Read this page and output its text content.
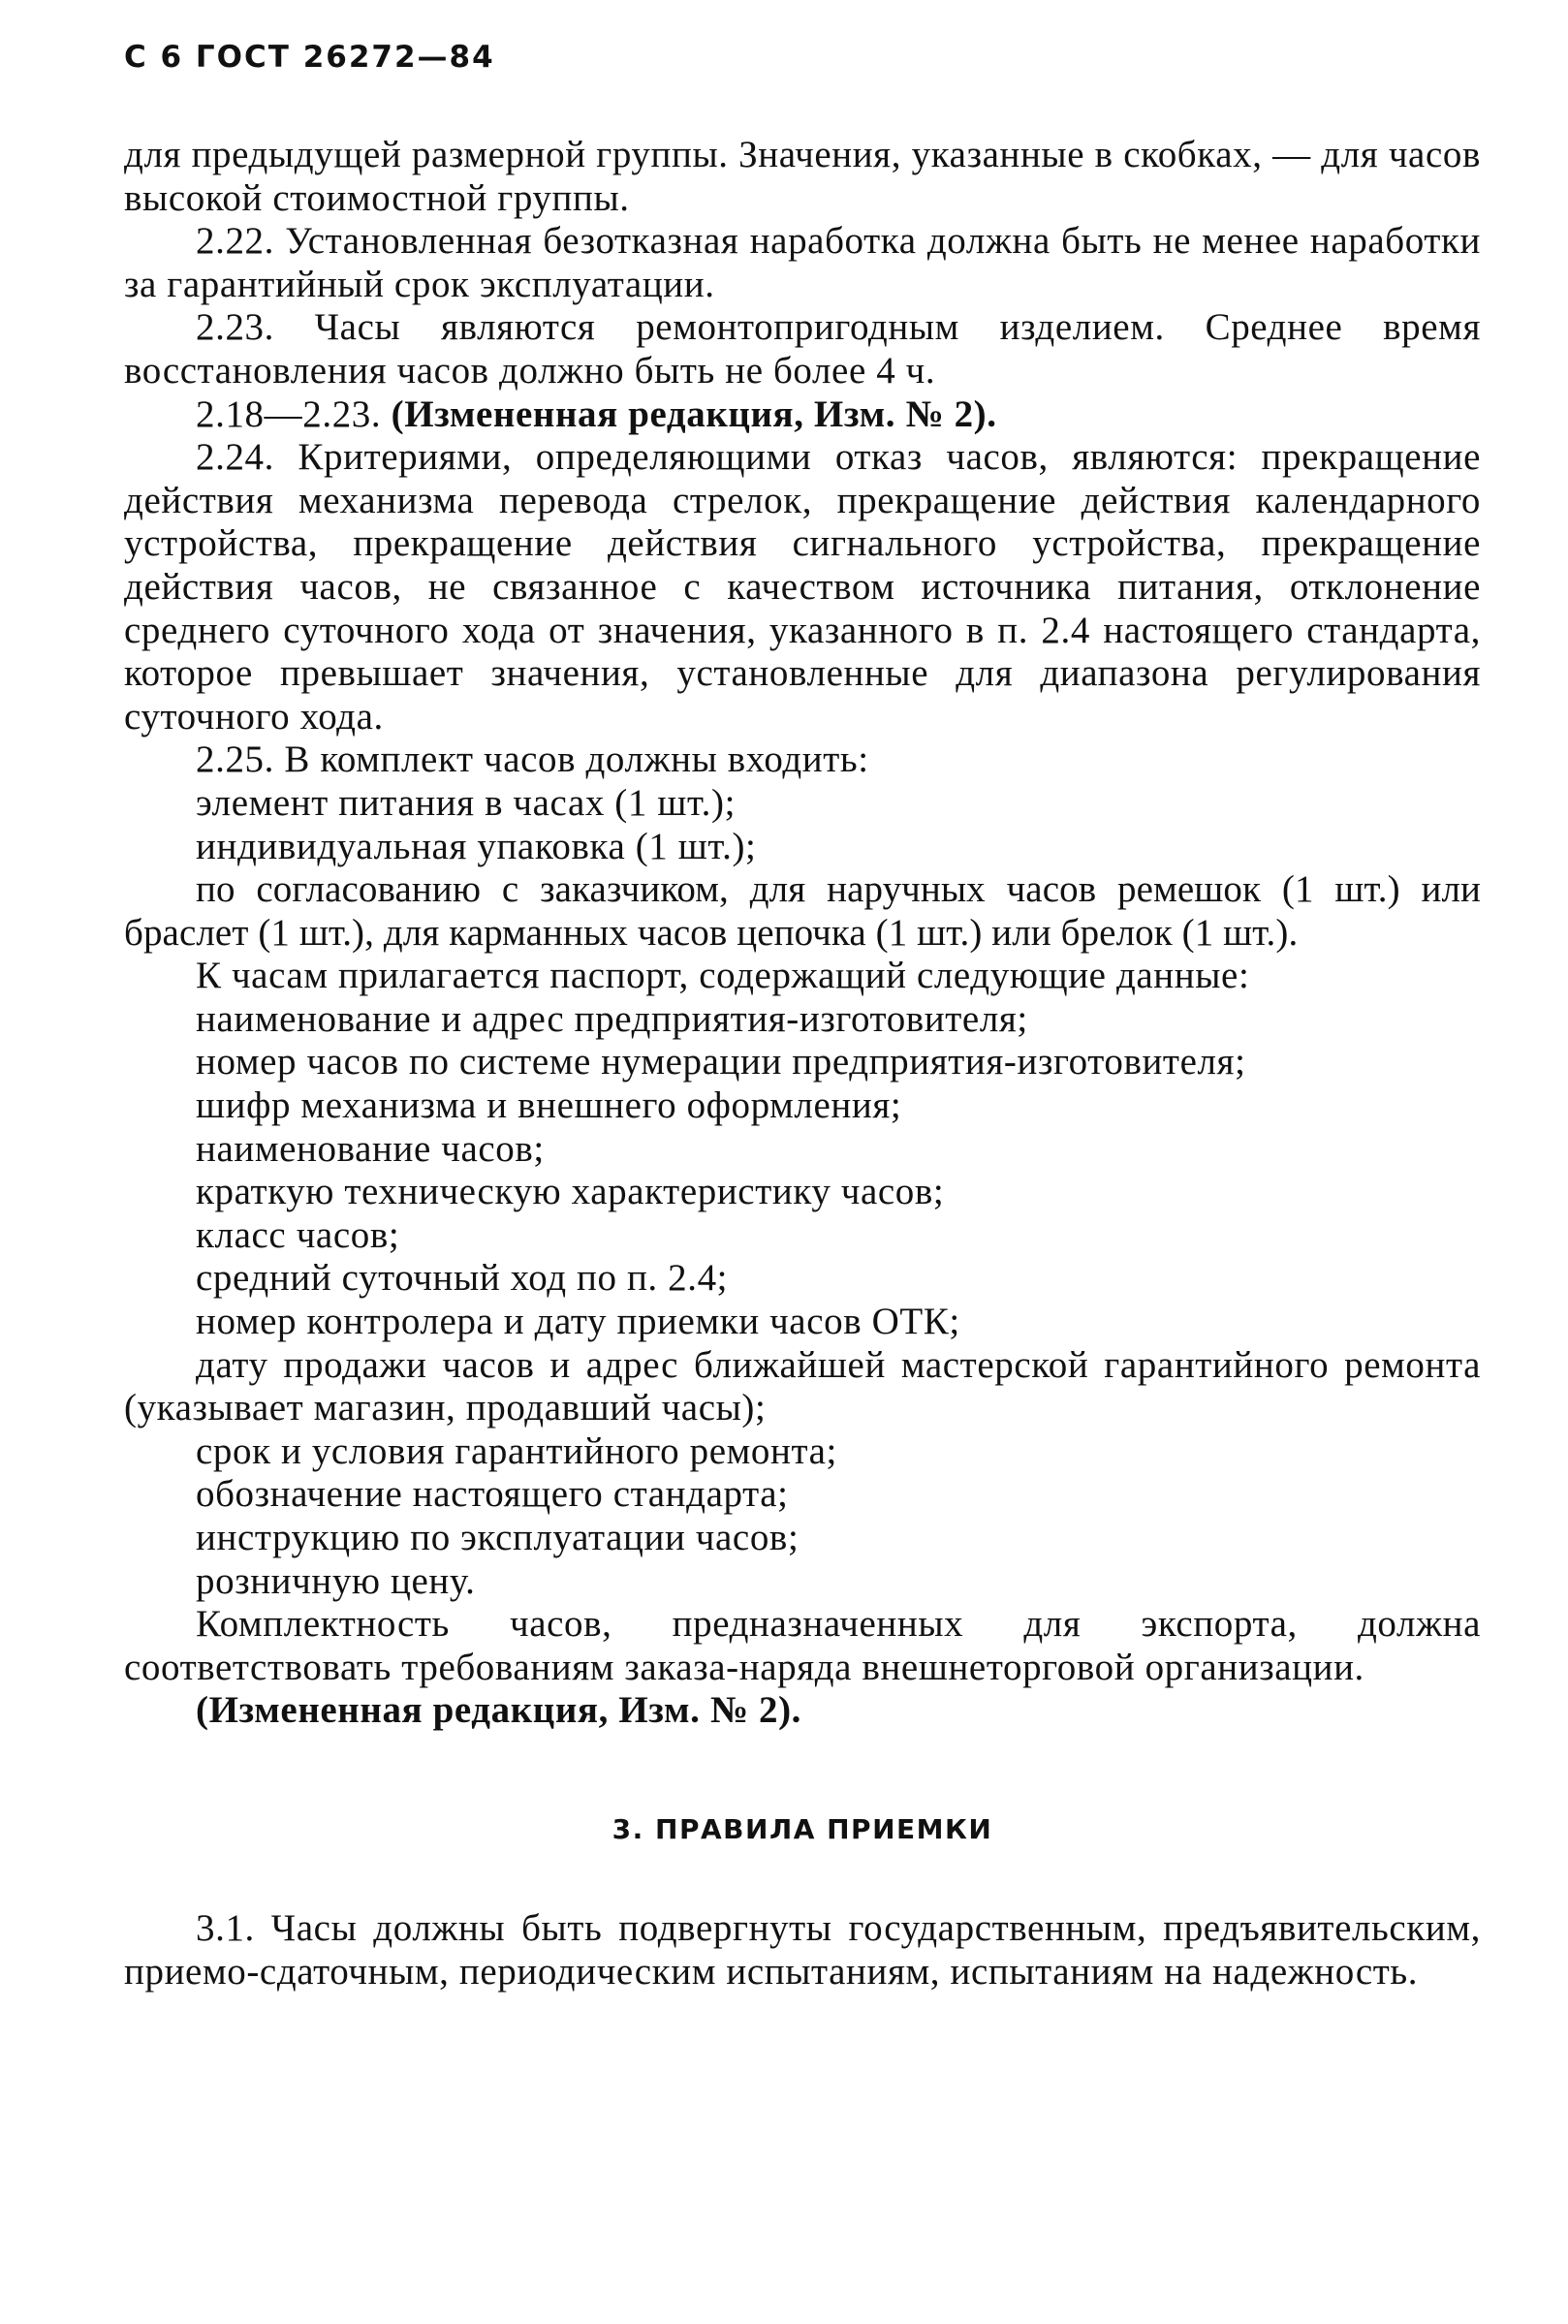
С 6 ГОСТ 26272—84

для предыдущей размерной группы. Значения, указанные в скобках, — для часов высокой стоимостной группы.

2.22. Установленная безотказная наработка должна быть не менее наработки за гарантийный срок эксплуатации.

2.23. Часы являются ремонтопригодным изделием. Среднее время восстановления часов должно быть не более 4 ч.

2.18—2.23. (Измененная редакция, Изм. № 2).

2.24. Критериями, определяющими отказ часов, являются: прекращение действия механизма перевода стрелок, прекращение действия календарного устройства, прекращение действия сигнального устройства, прекращение действия часов, не связанное с качеством источника питания, отклонение среднего суточного хода от значения, указанного в п. 2.4 настоящего стандарта, которое превышает значения, установленные для диапазона регулирования суточного хода.

2.25. В комплект часов должны входить:

элемент питания в часах (1 шт.);

индивидуальная упаковка (1 шт.);

по согласованию с заказчиком, для наручных часов ремешок (1 шт.) или браслет (1 шт.), для карманных часов цепочка (1 шт.) или брелок (1 шт.).

К часам прилагается паспорт, содержащий следующие данные:

наименование и адрес предприятия-изготовителя;

номер часов по системе нумерации предприятия-изготовителя;

шифр механизма и внешнего оформления;

наименование часов;

краткую техническую характеристику часов;

класс часов;

средний суточный ход по п. 2.4;

номер контролера и дату приемки часов ОТК;

дату продажи часов и адрес ближайшей мастерской гарантийного ремонта (указывает магазин, продавший часы);

срок и условия гарантийного ремонта;

обозначение настоящего стандарта;

инструкцию по эксплуатации часов;

розничную цену.

Комплектность часов, предназначенных для экспорта, должна соответствовать требованиям заказа-наряда внешнеторговой организации.

(Измененная редакция, Изм. № 2).

3. ПРАВИЛА ПРИЕМКИ

3.1. Часы должны быть подвергнуты государственным, предъявительским, приемо-сдаточным, периодическим испытаниям, испытаниям на надежность.
